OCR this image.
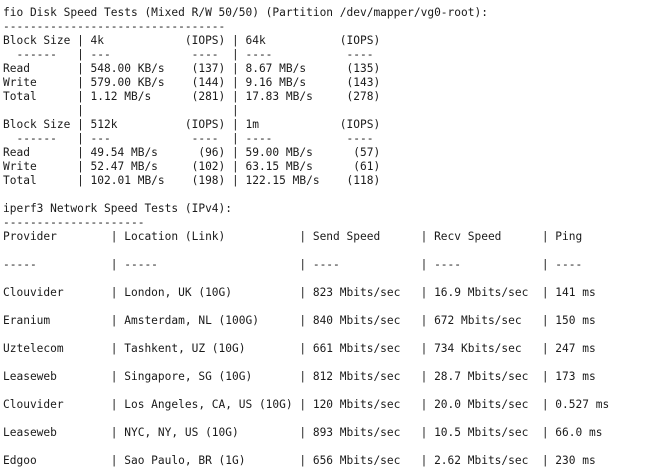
fio Disk Speed Tests (Mixed R/W 50/50) (Partition /dev/mapper/vg0-root):
---------------------------------
Block Size | 4k            (IOPS) | 64k           (IOPS)
------   | ---            ----  | ----           ----
Read       | 548.00 KB/s    (137) | 8.67 MB/s      (135)
Write      | 579.00 KB/s    (144) | 9.16 MB/s      (143)
Total      | 1.12 MB/s      (281) | 17.83 MB/s     (278)
|                      |
Block Size | 512k          (IOPS) | 1m            (IOPS)
------   | ---            ----  | ----           ----
Read       | 49.54 MB/s      (96) | 59.00 MB/s      (57)
Write      | 52.47 MB/s     (102) | 63.15 MB/s      (61)
Total      | 102.01 MB/s    (198) | 122.15 MB/s    (118)
iperf3 Network Speed Tests (IPv4):
---------------------
Provider        | Location (Link)           | Send Speed      | Recv Speed      | Ping
-----           | -----                     | ----            | ----            | ----
Clouvider       | London, UK (10G)          | 823 Mbits/sec   | 16.9 Mbits/sec  | 141 ms
Eranium         | Amsterdam, NL (100G)      | 840 Mbits/sec   | 672 Mbits/sec   | 150 ms
Uztelecom       | Tashkent, UZ (10G)        | 661 Mbits/sec   | 734 Kbits/sec   | 247 ms
Leaseweb        | Singapore, SG (10G)       | 812 Mbits/sec   | 28.7 Mbits/sec  | 173 ms
Clouvider       | Los Angeles, CA, US (10G) | 120 Mbits/sec   | 20.0 Mbits/sec  | 0.527 ms
Leaseweb        | NYC, NY, US (10G)         | 893 Mbits/sec   | 10.5 Mbits/sec  | 66.0 ms
Edgoo           | Sao Paulo, BR (1G)        | 656 Mbits/sec   | 2.62 Mbits/sec  | 230 ms
